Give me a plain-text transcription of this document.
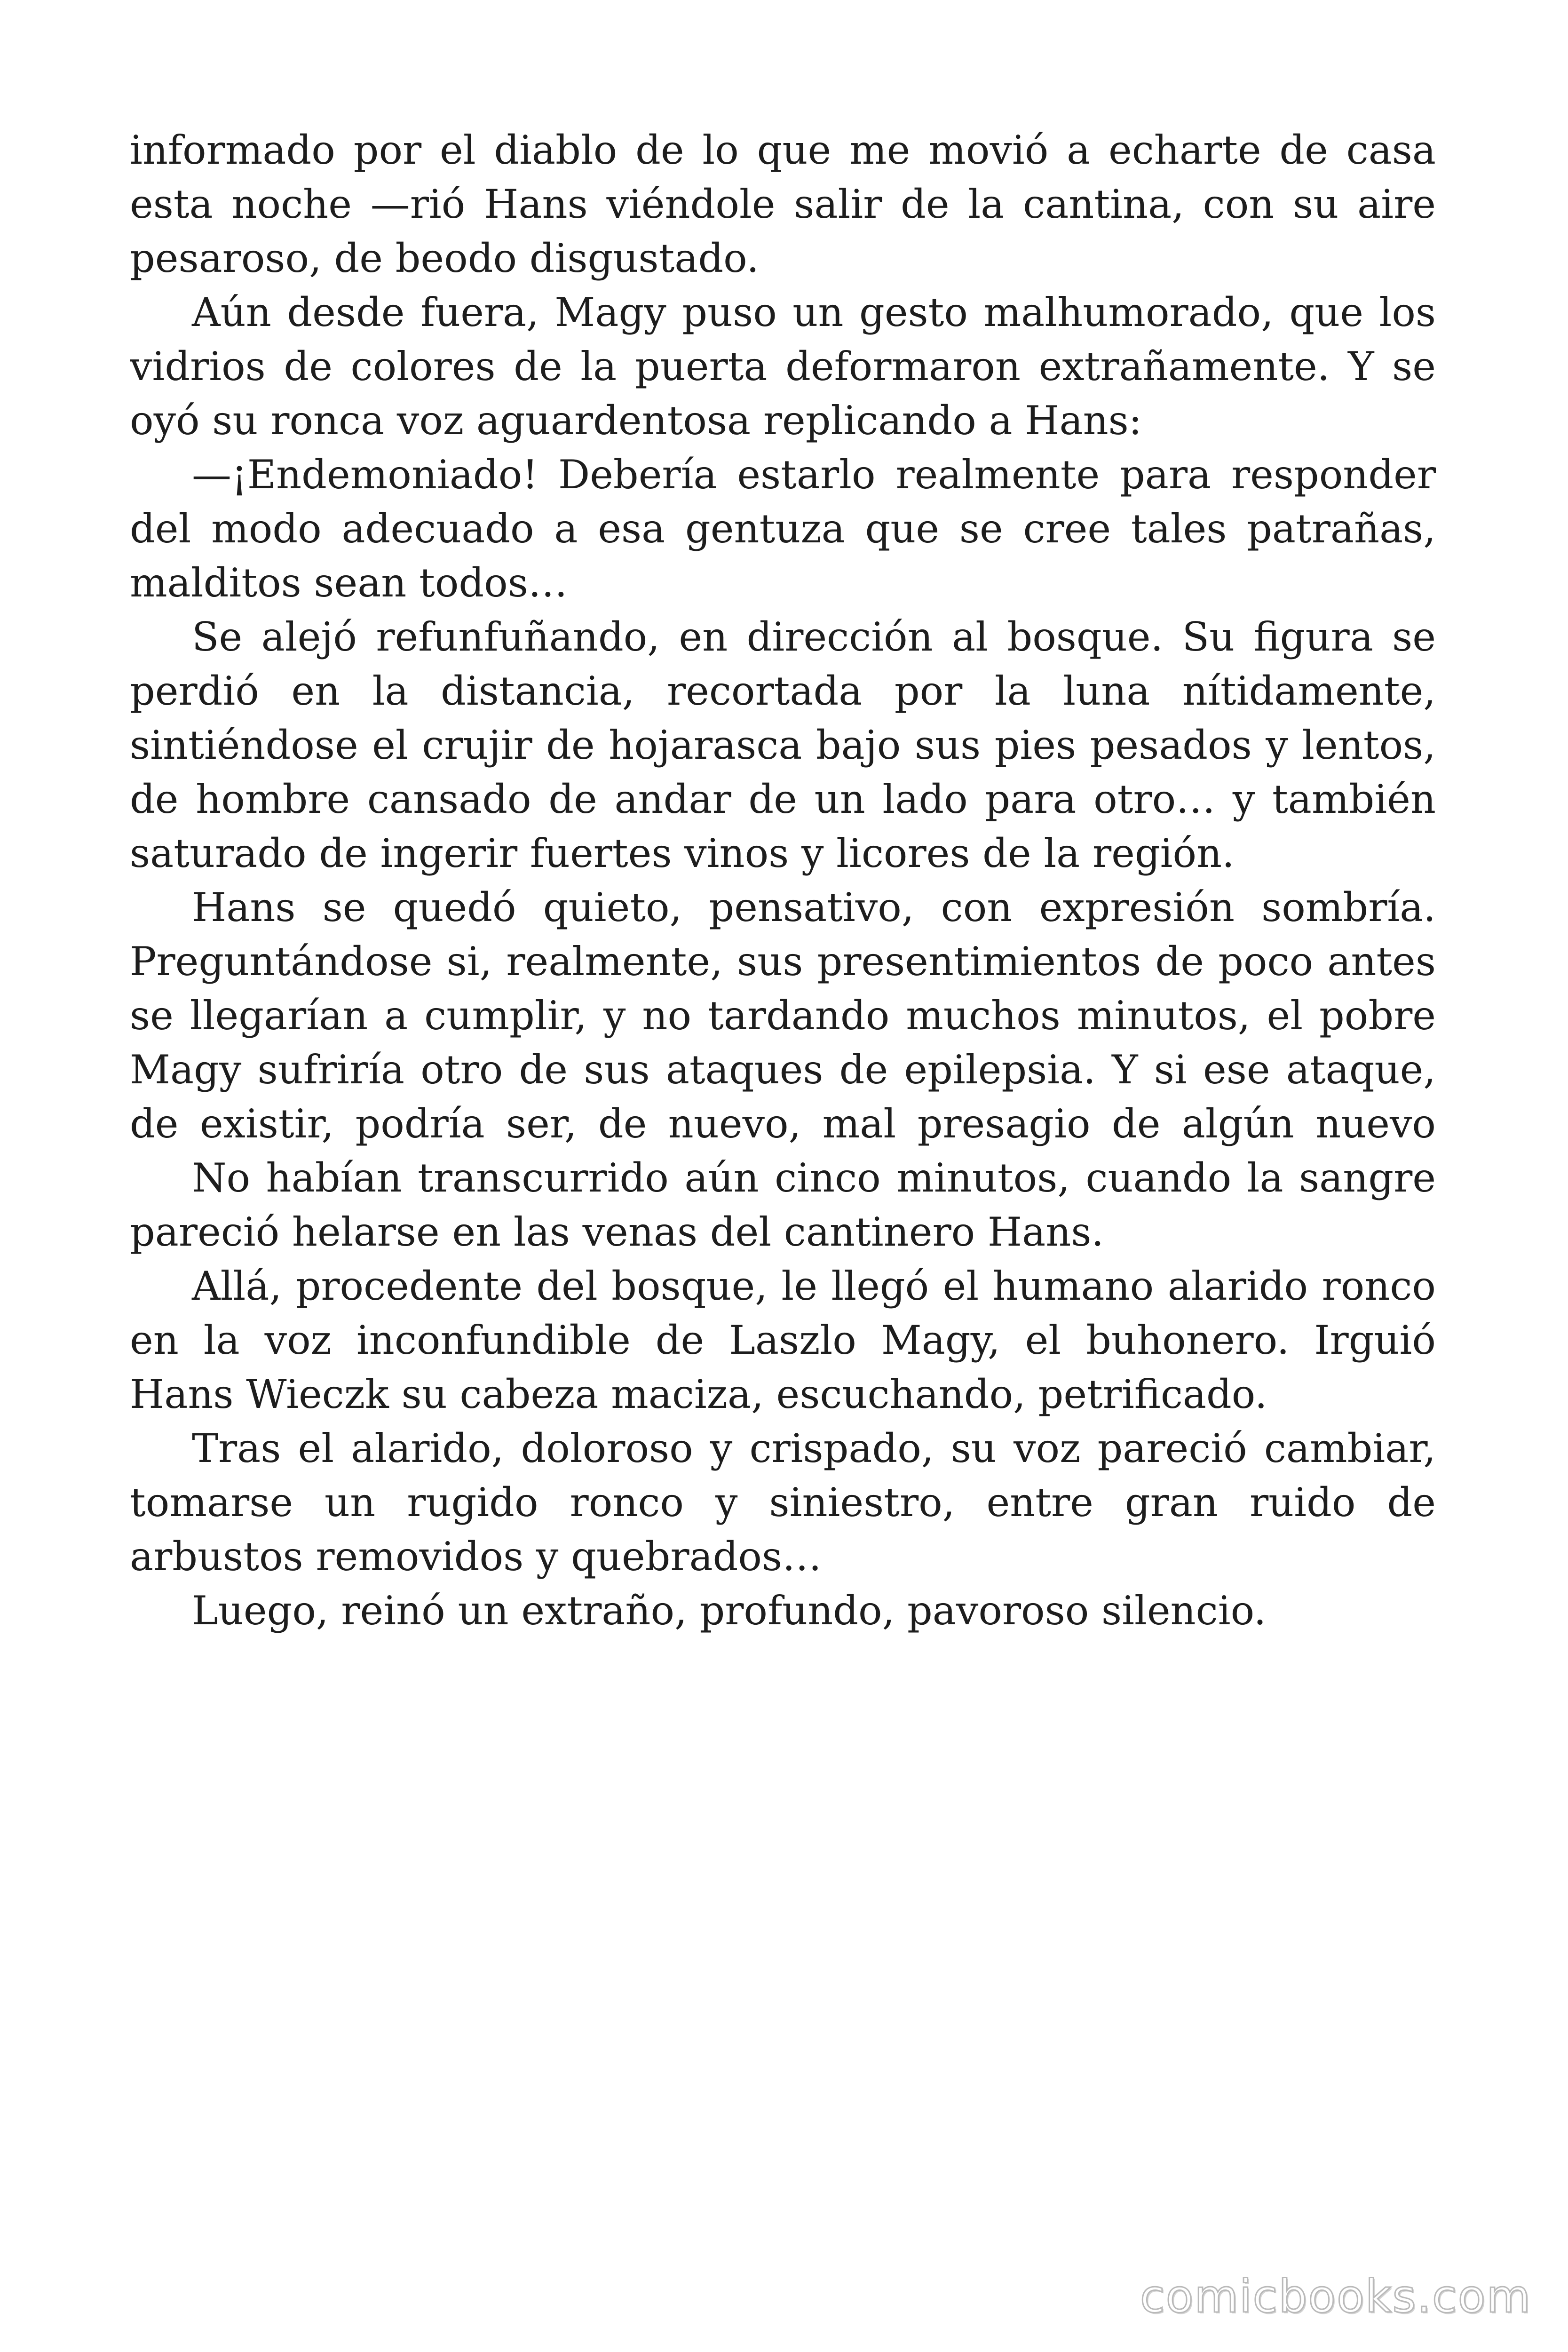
informado por el diablo de lo que me movió a echarte de casa esta noche —rió Hans viéndole salir de la cantina, con su aire pesaroso, de beodo disgustado.

Aún desde fuera, Magy puso un gesto malhumorado, que los vidrios de colores de la puerta deformaron extrañamente. Y se oyó su ronca voz aguardentosa replicando a Hans:

—¡Endemoniado! Debería estarlo realmente para responder del modo adecuado a esa gentuza que se cree tales patrañas, malditos sean todos…

Se alejó refunfuñando, en dirección al bosque. Su figura se perdió en la distancia, recortada por la luna nítidamente, sintiéndose el crujir de hojarasca bajo sus pies pesados y lentos, de hombre cansado de andar de un lado para otro… y también saturado de ingerir fuertes vinos y licores de la región.

Hans se quedó quieto, pensativo, con expresión sombría. Preguntándose si, realmente, sus presentimientos de poco antes se llegarían a cumplir, y no tardando muchos minutos, el pobre Magy sufriría otro de sus ataques de epilepsia. Y si ese ataque, de existir, podría ser, de nuevo, mal presagio de algún nuevo

No habían transcurrido aún cinco minutos, cuando la sangre pareció helarse en las venas del cantinero Hans.

Allá, procedente del bosque, le llegó el humano alarido ronco en la voz inconfundible de Laszlo Magy, el buhonero. Irguió Hans Wieczk su cabeza maciza, escuchando, petrificado.

Tras el alarido, doloroso y crispado, su voz pareció cambiar, tomarse un rugido ronco y siniestro, entre gran ruido de arbustos removidos y quebrados…

Luego, reinó un extraño, profundo, pavoroso silencio.

comicbooks.com
